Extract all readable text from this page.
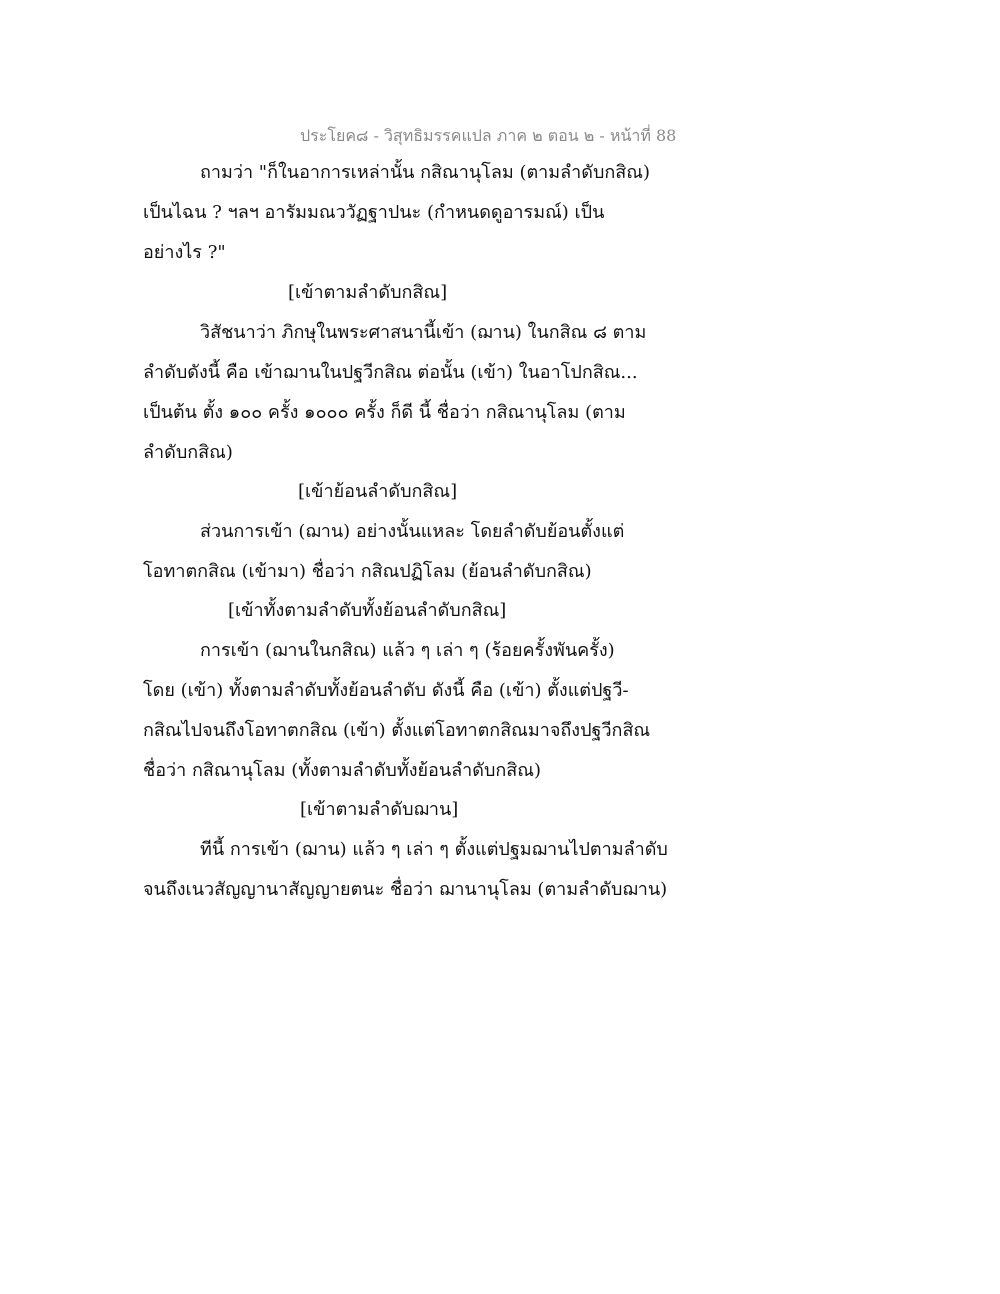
ประโยค๘ - วิสุทธิมรรคแปล ภาค ๒ ตอน ๒ - หน้าที่ 88
ถามว่า "ก็ในอาการเหล่านั้น กสิณานุโลม (ตามลำดับกสิณ)
เป็นไฉน ? ฯลฯ อารัมมณววัฏฐาปนะ (กำหนดดูอารมณ์) เป็น
อย่างไร ?"
[เข้าตามลำดับกสิณ]
วิสัชนาว่า ภิกษุในพระศาสนานี้เข้า (ฌาน) ในกสิณ ๘ ตาม
ลำดับดังนี้ คือ เข้าฌานในปฐวีกสิณ ต่อนั้น (เข้า) ในอาโปกสิณ...
เป็นต้น ตั้ง ๑๐๐ ครั้ง ๑๐๐๐ ครั้ง ก็ดี นี้ ชื่อว่า กสิณานุโลม (ตาม
ลำดับกสิณ)
[เข้าย้อนลำดับกสิณ]
ส่วนการเข้า (ฌาน) อย่างนั้นแหละ โดยลำดับย้อนตั้งแต่
โอทาตกสิณ (เข้ามา) ชื่อว่า กสิณปฏิโลม (ย้อนลำดับกสิณ)
[เข้าทั้งตามลำดับทั้งย้อนลำดับกสิณ]
การเข้า (ฌานในกสิณ) แล้ว ๆ เล่า ๆ (ร้อยครั้งพันครั้ง)
โดย (เข้า) ทั้งตามลำดับทั้งย้อนลำดับ ดังนี้ คือ (เข้า) ตั้งแต่ปฐวี-
กสิณไปจนถึงโอทาตกสิณ (เข้า) ตั้งแต่โอทาตกสิณมาจถึงปฐวีกสิณ
ชื่อว่า กสิณานุโลม (ทั้งตามลำดับทั้งย้อนลำดับกสิณ)
[เข้าตามลำดับฌาน]
ทีนี้ การเข้า (ฌาน) แล้ว ๆ เล่า ๆ ตั้งแต่ปฐมฌานไปตามลำดับ
จนถึงเนวสัญญานาสัญญายตนะ ชื่อว่า ฌานานุโลม (ตามลำดับฌาน)
